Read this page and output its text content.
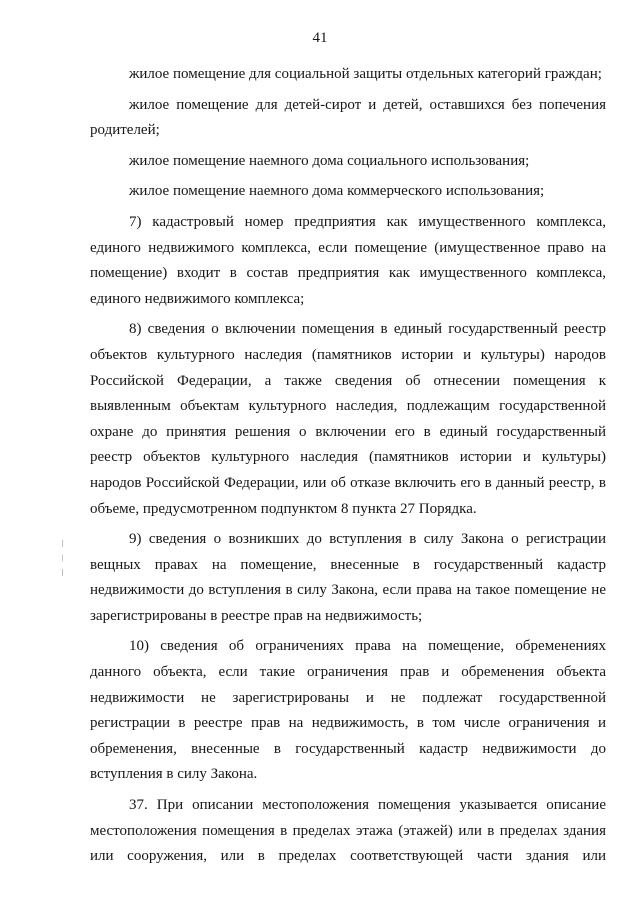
41

жилое помещение для социальной защиты отдельных категорий граждан;

жилое помещение для детей-сирот и детей, оставшихся без попечения родителей;

жилое помещение наемного дома социального использования;

жилое помещение наемного дома коммерческого использования;

7) кадастровый номер предприятия как имущественного комплекса, единого недвижимого комплекса, если помещение (имущественное право на помещение) входит в состав предприятия как имущественного комплекса, единого недвижимого комплекса;

8) сведения о включении помещения в единый государственный реестр объектов культурного наследия (памятников истории и культуры) народов Российской Федерации, а также сведения об отнесении помещения к выявленным объектам культурного наследия, подлежащим государственной охране до принятия решения о включении его в единый государственный реестр объектов культурного наследия (памятников истории и культуры) народов Российской Федерации, или об отказе включить его в данный реестр, в объеме, предусмотренном подпунктом 8 пункта 27 Порядка.

9) сведения о возникших до вступления в силу Закона о регистрации вещных правах на помещение, внесенные в государственный кадастр недвижимости до вступления в силу Закона, если права на такое помещение не зарегистрированы в реестре прав на недвижимость;

10) сведения об ограничениях права на помещение, обременениях данного объекта, если такие ограничения прав и обременения объекта недвижимости не зарегистрированы и не подлежат государственной регистрации в реестре прав на недвижимость, в том числе ограничения и обременения, внесенные в государственный кадастр недвижимости до вступления в силу Закона.

37. При описании местоположения помещения указывается описание местоположения помещения в пределах этажа (этажей) или в пределах здания или сооружения, или в пределах соответствующей части здания или
